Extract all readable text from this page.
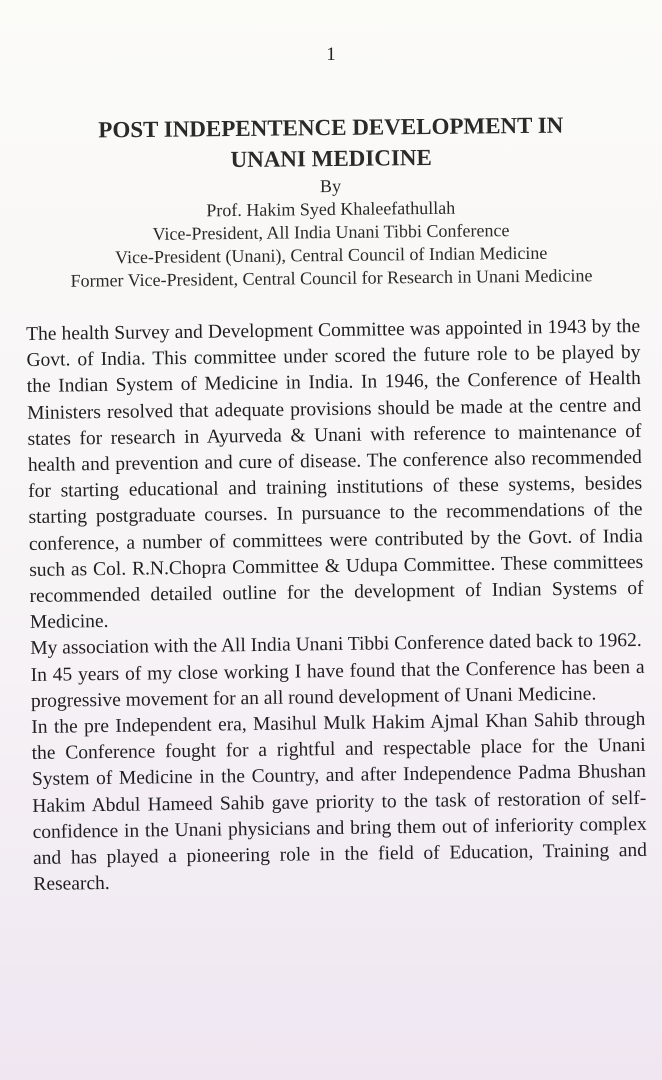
1
POST INDEPENTENCE DEVELOPMENT IN
UNANI MEDICINE
By
Prof. Hakim Syed Khaleefathullah
Vice-President, All India Unani Tibbi Conference
Vice-President (Unani), Central Council of Indian Medicine
Former Vice-President, Central Council for Research in Unani Medicine

The health Survey and Development Committee was appointed in 1943 by the Govt. of India. This committee under scored the future role to be played by the Indian System of Medicine in India. In 1946, the Conference of Health Ministers resolved that adequate provisions should be made at the centre and states for research in Ayurveda & Unani with reference to maintenance of health and prevention and cure of disease. The conference also recommended for starting educational and training institutions of these systems, besides starting postgraduate courses. In pursuance to the recommendations of the conference, a number of committees were contributed by the Govt. of India such as Col. R.N.Chopra Committee & Udupa Committee. These committees recommended detailed outline for the development of Indian Systems of Medicine.

My association with the All India Unani Tibbi Conference dated back to 1962.

In 45 years of my close working I have found that the Conference has been a progressive movement for an all round development of Unani Medicine.

In the pre Independent era, Masihul Mulk Hakim Ajmal Khan Sahib through the Conference fought for a rightful and respectable place for the Unani System of Medicine in the Country, and after Independence Padma Bhushan Hakim Abdul Hameed Sahib gave priority to the task of restoration of self-confidence in the Unani physicians and bring them out of inferiority complex and has played a pioneering role in the field of Education, Training and Research.
